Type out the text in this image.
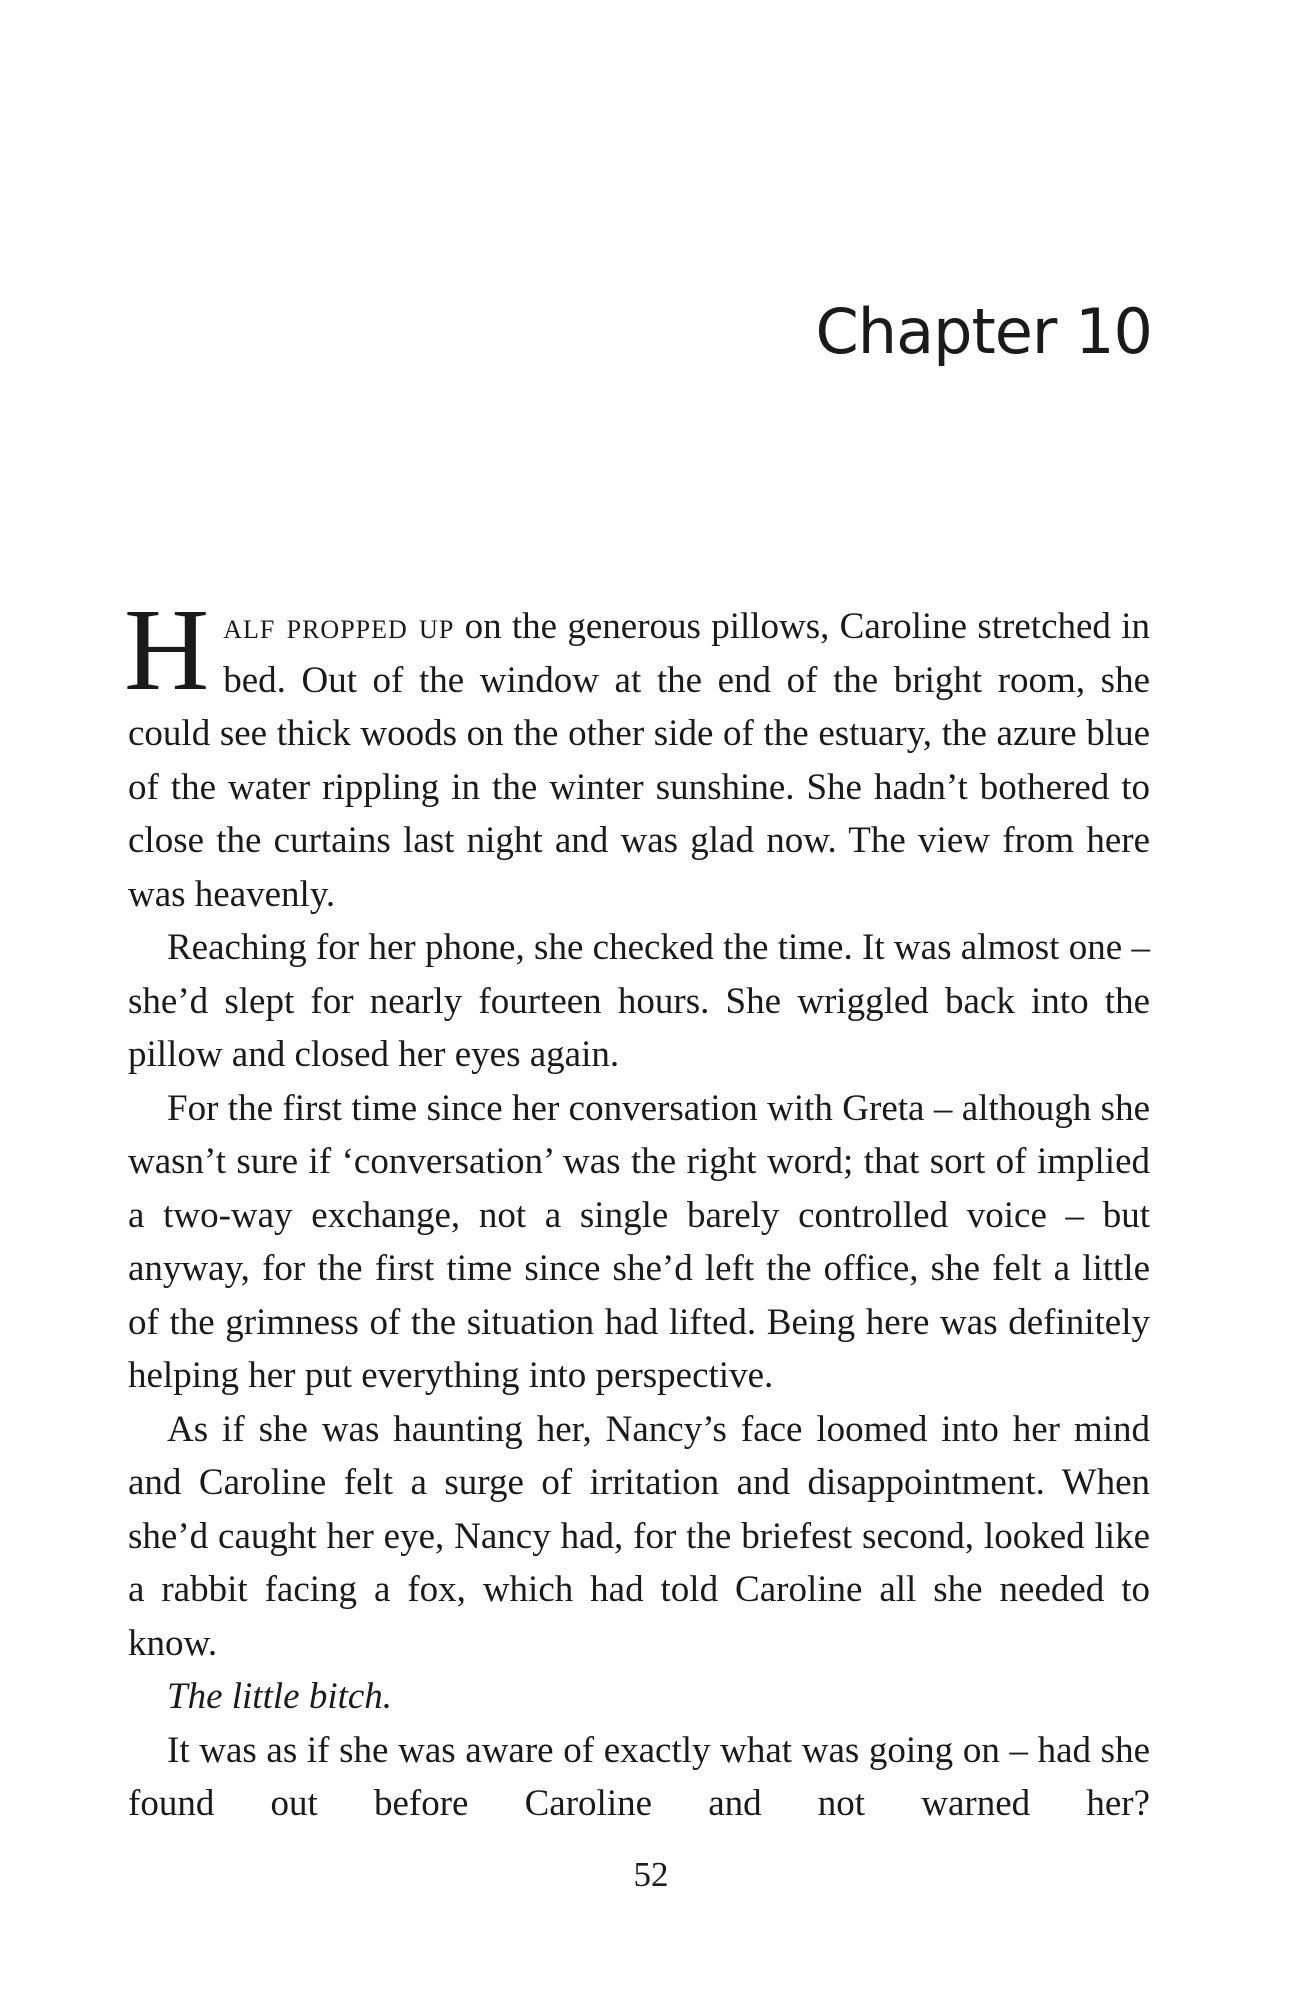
Chapter 10

Half propped up on the generous pillows, Caroline stretched in bed. Out of the window at the end of the bright room, she could see thick woods on the other side of the estuary, the azure blue of the water rippling in the winter sunshine. She hadn’t bothered to close the curtains last night and was glad now. The view from here was heavenly.

Reaching for her phone, she checked the time. It was almost one – she’d slept for nearly fourteen hours. She wriggled back into the pillow and closed her eyes again.

For the first time since her conversation with Greta – although she wasn’t sure if ‘conversation’ was the right word; that sort of implied a two-way exchange, not a single barely controlled voice – but anyway, for the first time since she’d left the office, she felt a little of the grimness of the situation had lifted. Being here was definitely helping her put everything into perspective.

As if she was haunting her, Nancy’s face loomed into her mind and Caroline felt a surge of irritation and disappointment. When she’d caught her eye, Nancy had, for the briefest second, looked like a rabbit facing a fox, which had told Caroline all she needed to know.

The little bitch.

It was as if she was aware of exactly what was going on – had she found out before Caroline and not warned her?

52
